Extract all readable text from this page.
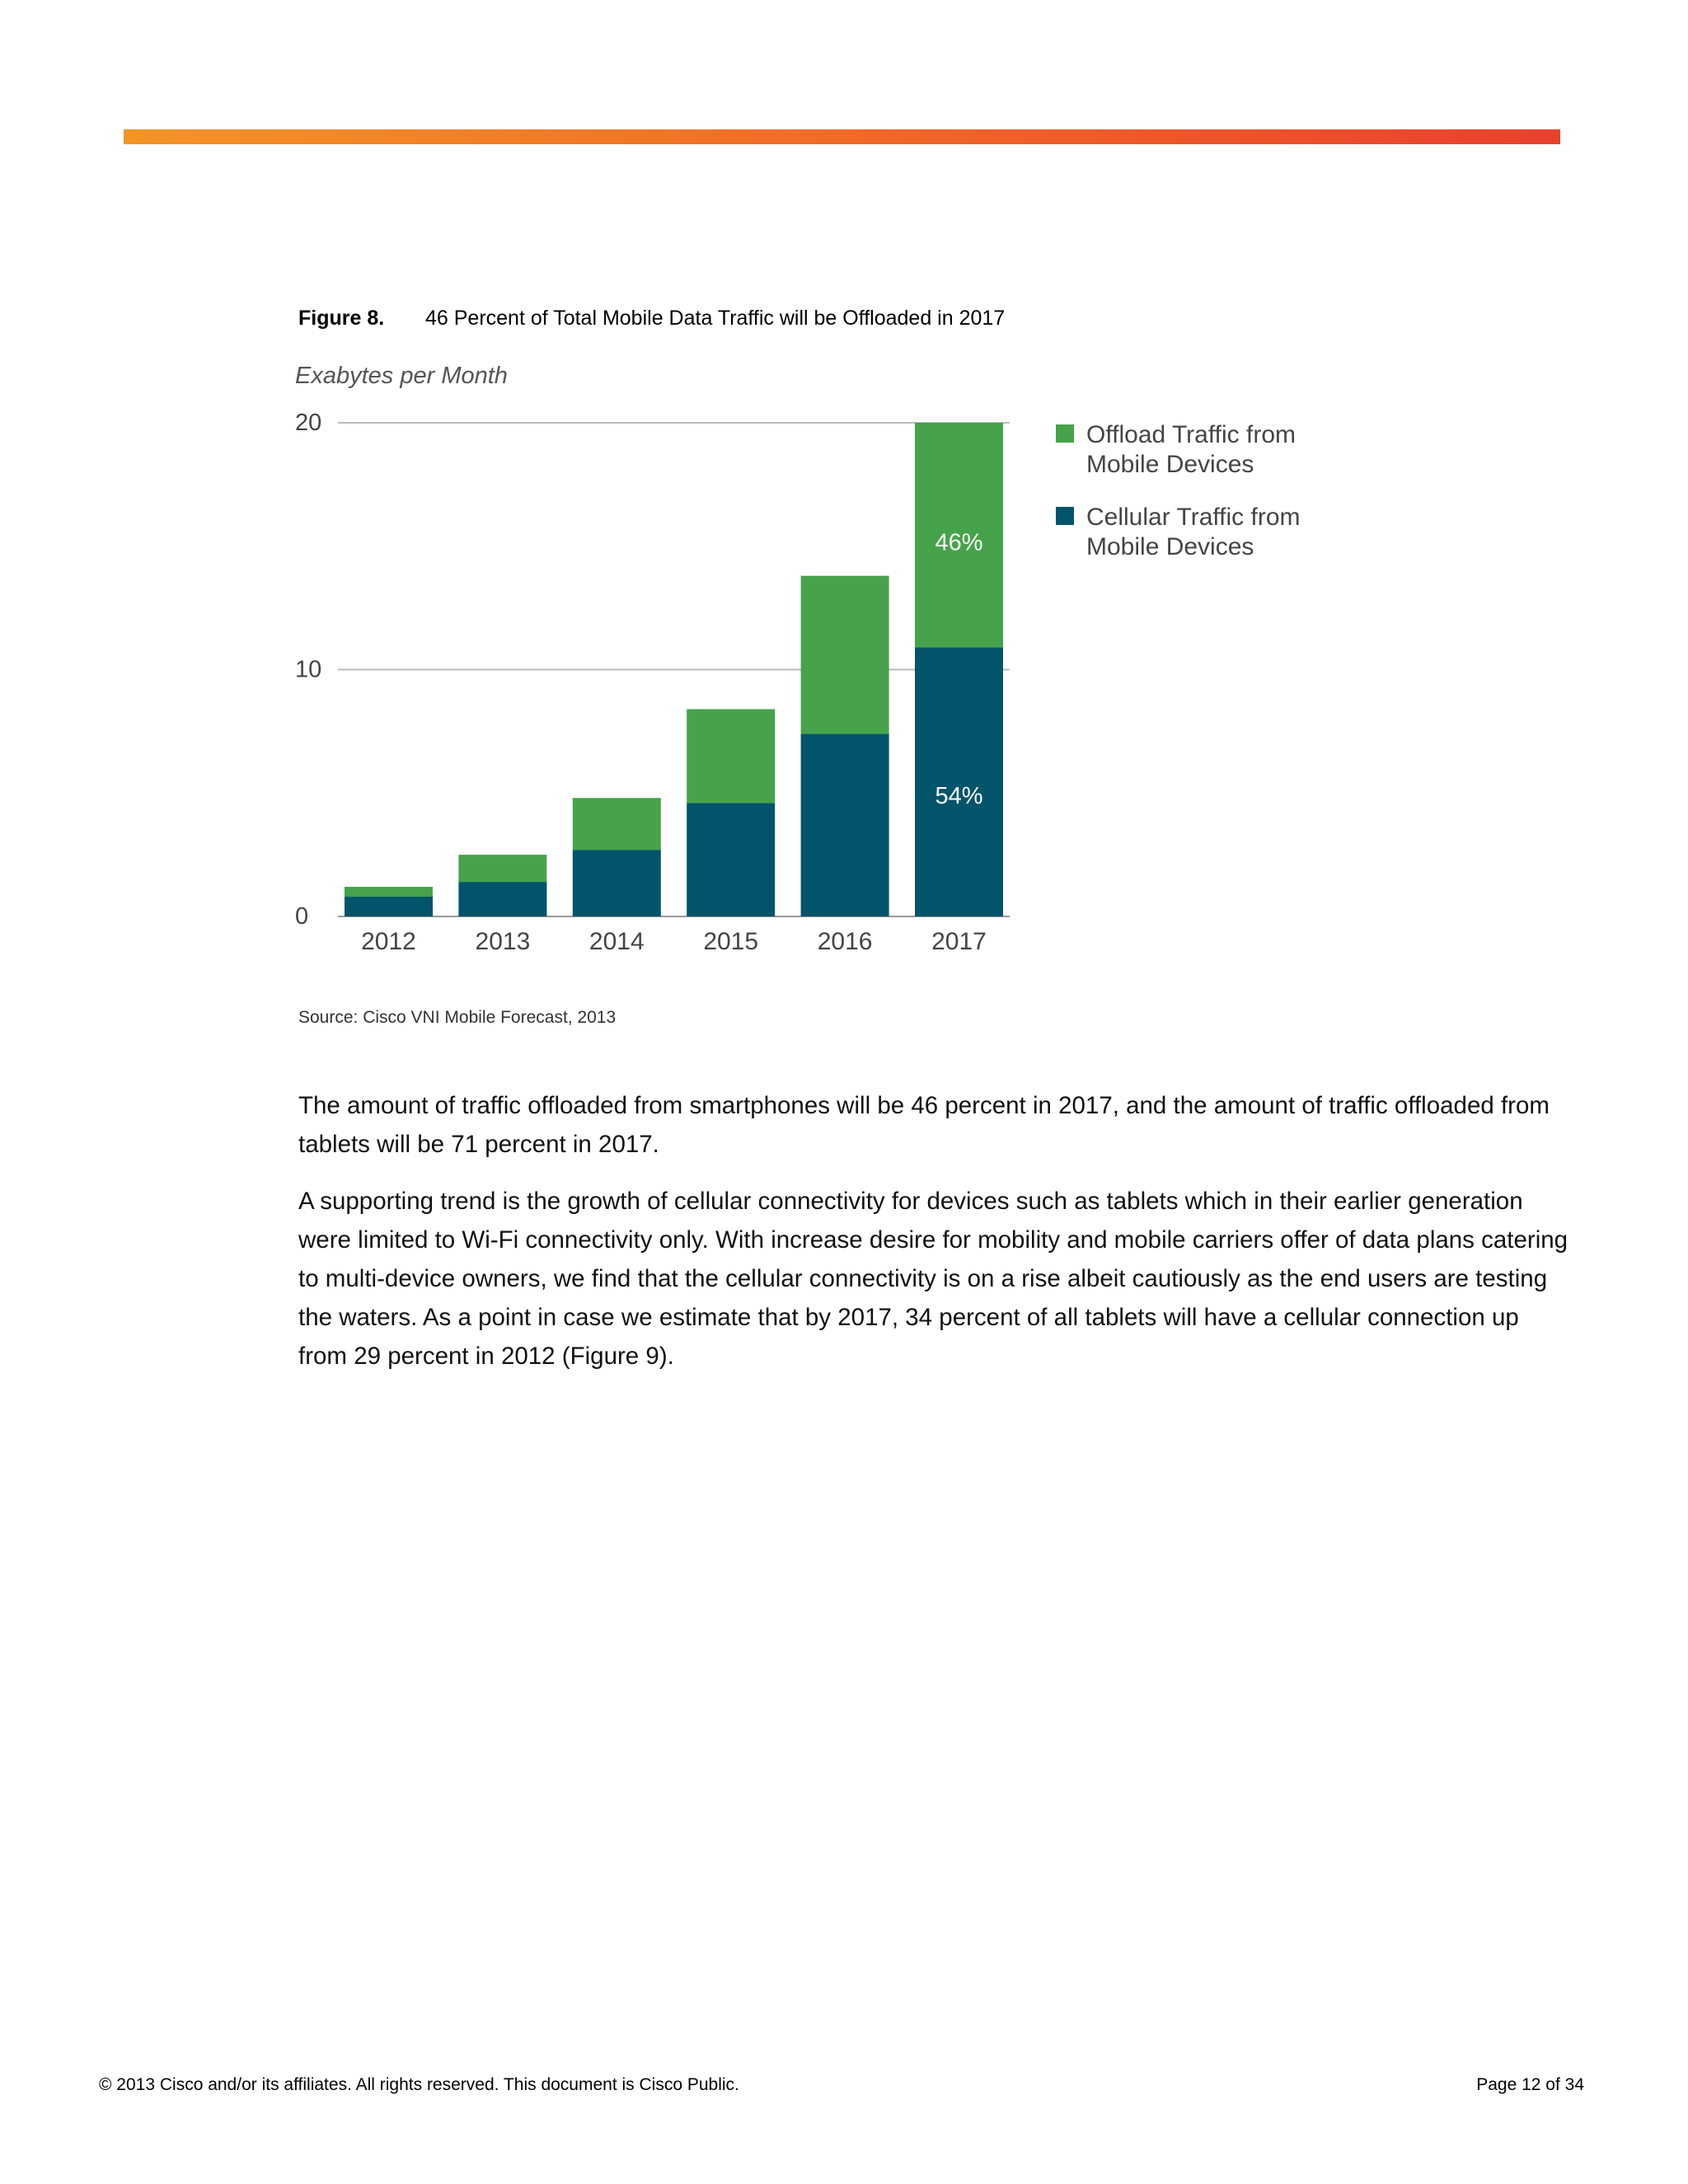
Figure 8. 46 Percent of Total Mobile Data Traffic will be Offloaded in 2017
Exabytes per Month
0
10
20
2012 2013 2014 2015 2016 2017
46%
54%
Offload Traffic from
Mobile Devices
Cellular Traffic from
Mobile Devices
Source: Cisco VNI Mobile Forecast, 2013

The amount of traffic offloaded from smartphones will be 46 percent in 2017, and the amount of traffic offloaded from tablets will be 71 percent in 2017.

A supporting trend is the growth of cellular connectivity for devices such as tablets which in their earlier generation were limited to Wi-Fi connectivity only. With increase desire for mobility and mobile carriers offer of data plans catering to multi-device owners, we find that the cellular connectivity is on a rise albeit cautiously as the end users are testing the waters. As a point in case we estimate that by 2017, 34 percent of all tablets will have a cellular connection up from 29 percent in 2012 (Figure 9).

© 2013 Cisco and/or its affiliates. All rights reserved. This document is Cisco Public.	Page 12 of 34
